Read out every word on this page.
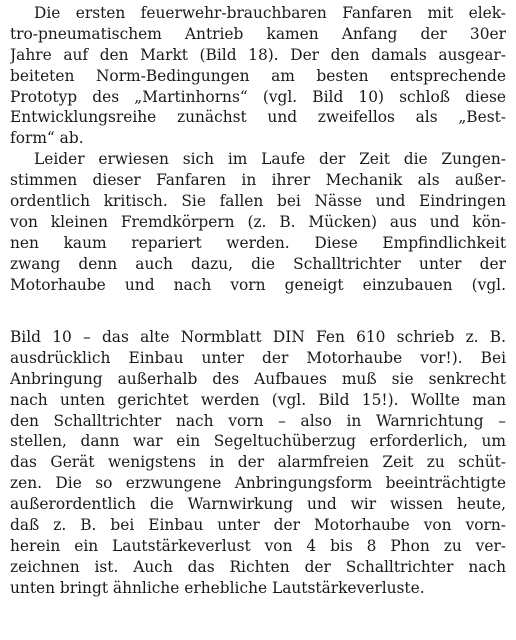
Die ersten feuerwehr-brauchbaren Fanfaren mit elek-
tro-pneumatischem Antrieb kamen Anfang der 30er
Jahre auf den Markt (Bild 18). Der den damals ausgear-
beiteten Norm-Bedingungen am besten entsprechende
Prototyp des „Martinhorns“ (vgl. Bild 10) schloß diese
Entwicklungsreihe zunächst und zweifellos als „Best-
form“ ab.
Leider erwiesen sich im Laufe der Zeit die Zungen-
stimmen dieser Fanfaren in ihrer Mechanik als außer-
ordentlich kritisch. Sie fallen bei Nässe und Eindringen
von kleinen Fremdkörpern (z. B. Mücken) aus und kön-
nen kaum repariert werden. Diese Empfindlichkeit
zwang denn auch dazu, die Schalltrichter unter der
Motorhaube und nach vorn geneigt einzubauen (vgl.
Bild 10 – das alte Normblatt DIN Fen 610 schrieb z. B.
ausdrücklich Einbau unter der Motorhaube vor!). Bei
Anbringung außerhalb des Aufbaues muß sie senkrecht
nach unten gerichtet werden (vgl. Bild 15!). Wollte man
den Schalltrichter nach vorn – also in Warnrichtung –
stellen, dann war ein Segeltuchüberzug erforderlich, um
das Gerät wenigstens in der alarmfreien Zeit zu schüt-
zen. Die so erzwungene Anbringungsform beeinträchtigte
außerordentlich die Warnwirkung und wir wissen heute,
daß z. B. bei Einbau unter der Motorhaube von vorn-
herein ein Lautstärkeverlust von 4 bis 8 Phon zu ver-
zeichnen ist. Auch das Richten der Schalltrichter nach
unten bringt ähnliche erhebliche Lautstärkeverluste.
